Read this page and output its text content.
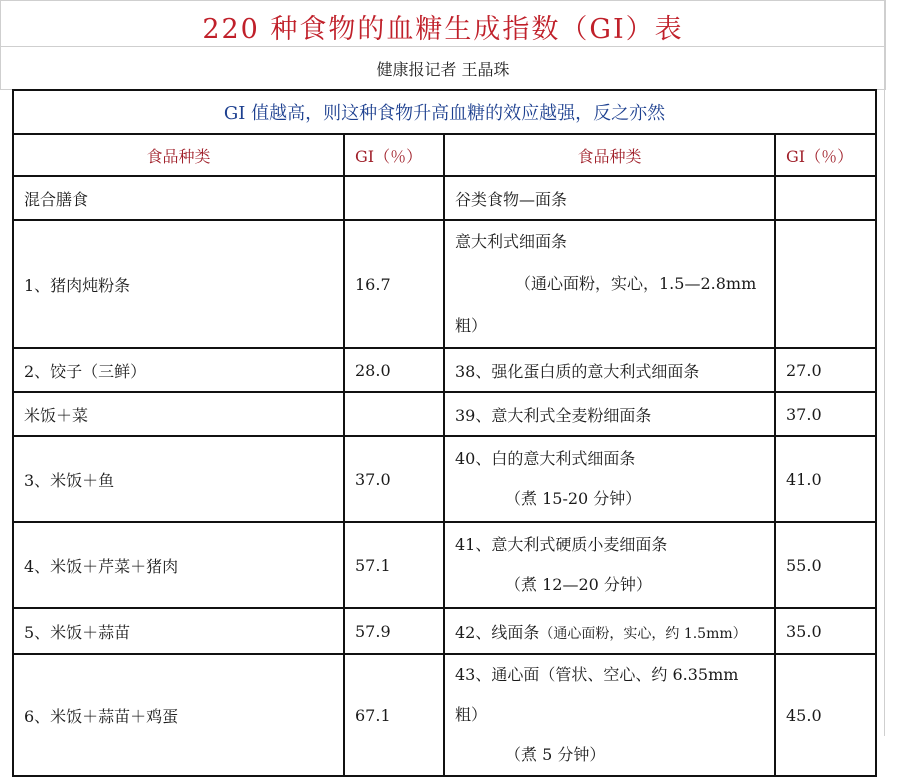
220 种食物的血糖生成指数（GI）表
健康报记者 王晶珠
GI 值越高，则这种食物升高血糖的效应越强，反之亦然			
食品种类	GI（％）	食品种类	GI（％）
混合膳食		谷类食物—面条	
1、猪肉炖粉条	16.7	意大利式细面条
（通心面粉，实心，1.5—2.8mm
粗）	

2、饺子（三鲜）	28.0	38、强化蛋白质的意大利式细面条	27.0
米饭＋菜		39、意大利式全麦粉细面条	37.0
3、米饭＋鱼	37.0	40、白的意大利式细面条
（煮 15-20 分钟）	41.0
4、米饭＋芹菜＋猪肉	57.1	41、意大利式硬质小麦细面条
（煮 12—20 分钟）	55.0
5、米饭＋蒜苗	57.9	42、线面条（通心面粉，实心，约 1.5mm）	35.0
6、米饭＋蒜苗＋鸡蛋	67.1	43、通心面（管状、空心、约 6.35mm 粗）
（煮 5 分钟）	45.0
